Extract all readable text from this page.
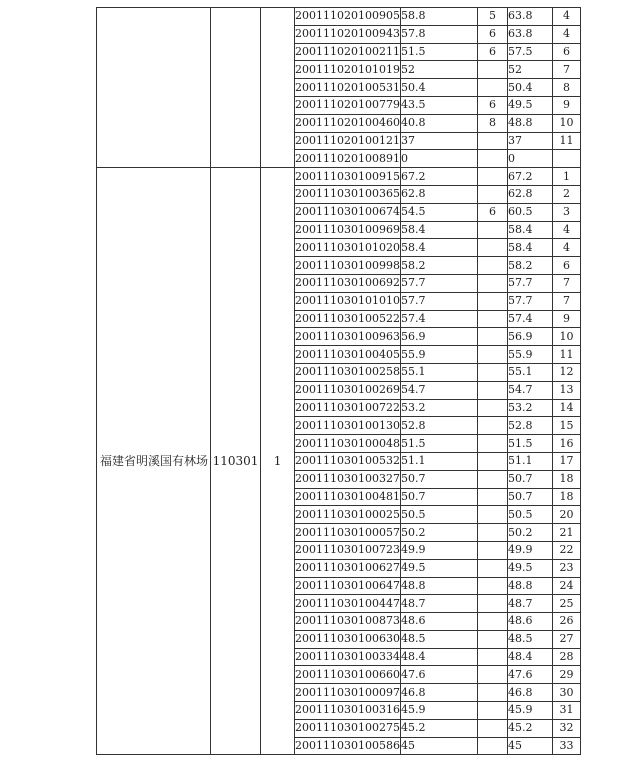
			200111020100905	58.8	5	63.8	4
			200111020100943	57.8	6	63.8	4
			200111020100211	51.5	6	57.5	6
			200111020101019	52		52	7
			200111020100531	50.4		50.4	8
			200111020100779	43.5	6	49.5	9
			200111020100460	40.8	8	48.8	10
			200111020100121	37		37	11
			200111020100891	0		0	
福建省明溪国有林场	110301	1	200111030100915	67.2		67.2	1
			200111030100365	62.8		62.8	2
			200111030100674	54.5	6	60.5	3
			200111030100969	58.4		58.4	4
			200111030101020	58.4		58.4	4
			200111030100998	58.2		58.2	6
			200111030100692	57.7		57.7	7
			200111030101010	57.7		57.7	7
			200111030100522	57.4		57.4	9
			200111030100963	56.9		56.9	10
			200111030100405	55.9		55.9	11
			200111030100258	55.1		55.1	12
			200111030100269	54.7		54.7	13
			200111030100722	53.2		53.2	14
			200111030100130	52.8		52.8	15
			200111030100048	51.5		51.5	16
			200111030100532	51.1		51.1	17
			200111030100327	50.7		50.7	18
			200111030100481	50.7		50.7	18
			200111030100025	50.5		50.5	20
			200111030100057	50.2		50.2	21
			200111030100723	49.9		49.9	22
			200111030100627	49.5		49.5	23
			200111030100647	48.8		48.8	24
			200111030100447	48.7		48.7	25
			200111030100873	48.6		48.6	26
			200111030100630	48.5		48.5	27
			200111030100334	48.4		48.4	28
			200111030100660	47.6		47.6	29
			200111030100097	46.8		46.8	30
			200111030100316	45.9		45.9	31
			200111030100275	45.2		45.2	32
			200111030100586	45		45	33
